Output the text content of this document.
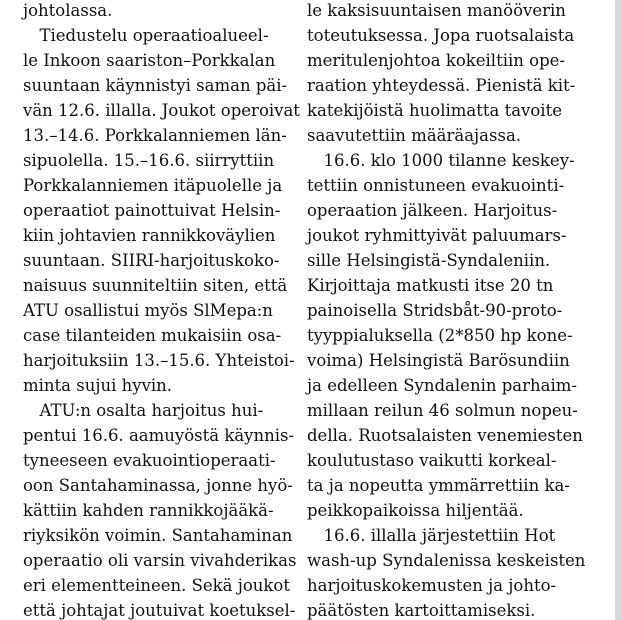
johtolassa.
 Tiedustelu operaatioalueel-
le Inkoon saariston–Porkkalan
suuntaan käynnistyi saman päi-
vän 12.6. illalla. Joukot operoivat
13.–14.6. Porkkalanniemen län-
sipuolella. 15.–16.6. siirryttiin
Porkkalanniemen itäpuolelle ja
operaatiot painottuivat Helsin-
kiin johtavien rannikkoväylien
suuntaan. SIIRI-harjoituskoko-
naisuus suunniteltiin siten, että
ATU osallistui myös SlMepa:n
case tilanteiden mukaisiin osa-
harjoituksiin 13.–15.6. Yhteistoi-
minta sujui hyvin.
 ATU:n osalta harjoitus hui-
pentui 16.6. aamuyöstä käynnis-
tyneeseen evakuointioperaati-
oon Santahaminassa, jonne hyö-
kättiin kahden rannikkojääkä-
riyksikön voimin. Santahaminan
operaatio oli varsin vivahderikas
eri elementteineen. Sekä joukot
että johtajat joutuivat koetuksel-
le kaksisuuntaisen manööverin
toteutuksessa. Jopa ruotsalaista
meritulenjohtoa kokeiltiin ope-
raation yhteydessä. Pienistä kit-
katekijöistä huolimatta tavoite
saavutettiin määräajassa.
 16.6. klo 1000 tilanne keskey-
tettiin onnistuneen evakuointi-
operaation jälkeen. Harjoitus-
joukot ryhmittyivät paluumars-
sille Helsingistä-Syndaleniin.
Kirjoittaja matkusti itse 20 tn
painoisella Stridsbåt-90-proto-
tyyppialuksella (2*850 hp kone-
voima) Helsingistä Barösundiin
ja edelleen Syndalenin parhaim-
millaan reilun 46 solmun nopeu-
della. Ruotsalaisten venemiesten
koulutustaso vaikutti korkeal-
ta ja nopeutta ymmärrettiin ka-
peikkopaikoissa hiljentää.
 16.6. illalla järjestettiin Hot
wash-up Syndalenissa keskeisten
harjoituskokemusten ja johto-
päätösten kartoittamiseksi.
